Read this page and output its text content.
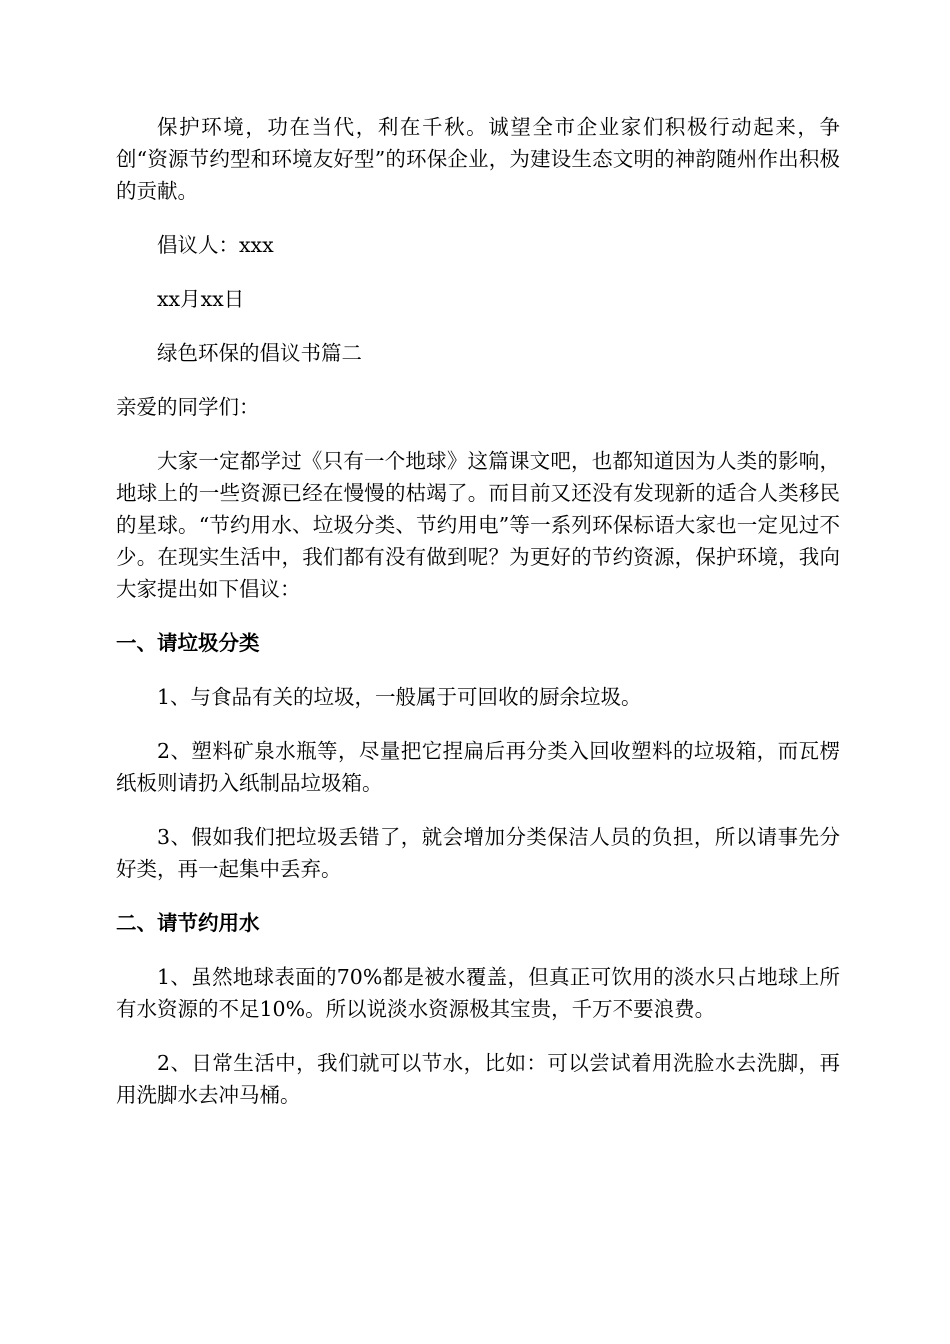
保护环境，功在当代，利在千秋。诚望全市企业家们积极行动起来，争创“资源节约型和环境友好型”的环保企业，为建设生态文明的神韵随州作出积极的贡献。

倡议人：xxx

xx月xx日

绿色环保的倡议书篇二

亲爱的同学们：

大家一定都学过《只有一个地球》这篇课文吧，也都知道因为人类的影响，地球上的一些资源已经在慢慢的枯竭了。而目前又还没有发现新的适合人类移民的星球。“节约用水、垃圾分类、节约用电”等一系列环保标语大家也一定见过不少。在现实生活中，我们都有没有做到呢？为更好的节约资源，保护环境，我向大家提出如下倡议：

一、请垃圾分类

1、与食品有关的垃圾，一般属于可回收的厨余垃圾。

2、塑料矿泉水瓶等，尽量把它捏扁后再分类入回收塑料的垃圾箱，而瓦楞纸板则请扔入纸制品垃圾箱。

3、假如我们把垃圾丢错了，就会增加分类保洁人员的负担，所以请事先分好类，再一起集中丢弃。

二、请节约用水

1、虽然地球表面的70%都是被水覆盖，但真正可饮用的淡水只占地球上所有水资源的不足10%。所以说淡水资源极其宝贵，千万不要浪费。

2、日常生活中，我们就可以节水，比如：可以尝试着用洗脸水去洗脚，再用洗脚水去冲马桶。
